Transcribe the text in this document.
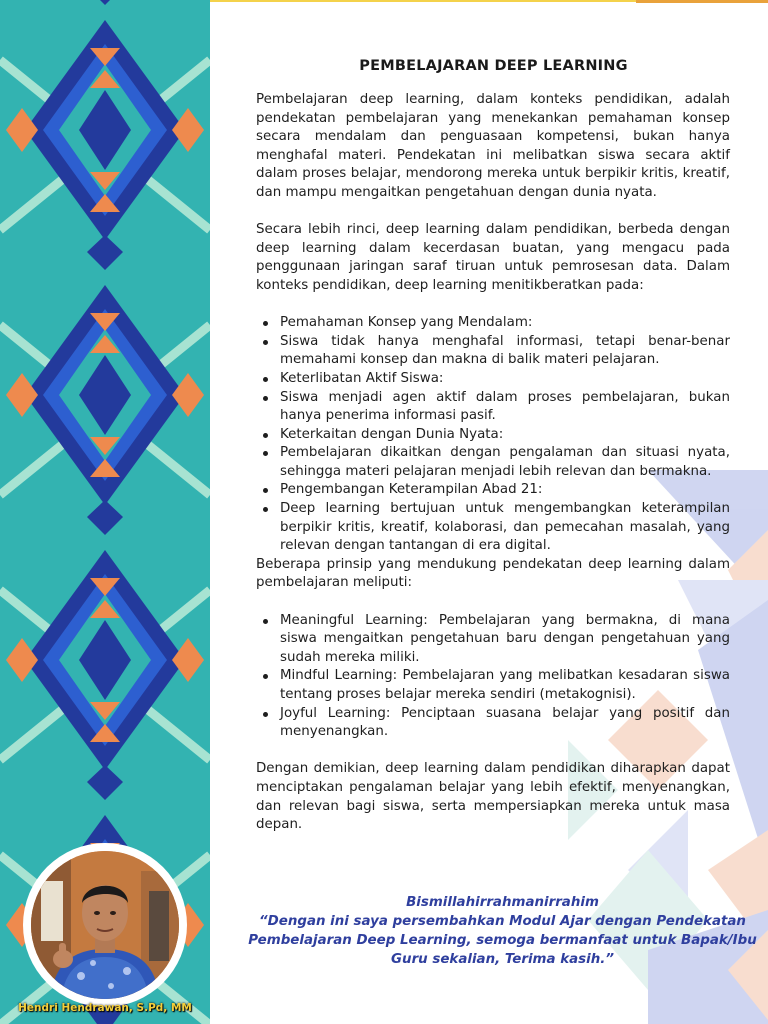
PEMBELAJARAN DEEP LEARNING

Pembelajaran deep learning, dalam konteks pendidikan, adalah pendekatan pembelajaran yang menekankan pemahaman konsep secara mendalam dan penguasaan kompetensi, bukan hanya menghafal materi. Pendekatan ini melibatkan siswa secara aktif dalam proses belajar, mendorong mereka untuk berpikir kritis, kreatif, dan mampu mengaitkan pengetahuan dengan dunia nyata.

Secara lebih rinci, deep learning dalam pendidikan, berbeda dengan deep learning dalam kecerdasan buatan, yang mengacu pada penggunaan jaringan saraf tiruan untuk pemrosesan data. Dalam konteks pendidikan, deep learning menitikberatkan pada:

Pemahaman Konsep yang Mendalam:
Siswa tidak hanya menghafal informasi, tetapi benar-benar memahami konsep dan makna di balik materi pelajaran.
Keterlibatan Aktif Siswa:
Siswa menjadi agen aktif dalam proses pembelajaran, bukan hanya penerima informasi pasif.
Keterkaitan dengan Dunia Nyata:
Pembelajaran dikaitkan dengan pengalaman dan situasi nyata, sehingga materi pelajaran menjadi lebih relevan dan bermakna.
Pengembangan Keterampilan Abad 21:
Deep learning bertujuan untuk mengembangkan keterampilan berpikir kritis, kreatif, kolaborasi, dan pemecahan masalah, yang relevan dengan tantangan di era digital.

Beberapa prinsip yang mendukung pendekatan deep learning dalam pembelajaran meliputi:

Meaningful Learning: Pembelajaran yang bermakna, di mana siswa mengaitkan pengetahuan baru dengan pengetahuan yang sudah mereka miliki.
Mindful Learning: Pembelajaran yang melibatkan kesadaran siswa tentang proses belajar mereka sendiri (metakognisi).
Joyful Learning: Penciptaan suasana belajar yang positif dan menyenangkan.

Dengan demikian, deep learning dalam pendidikan diharapkan dapat menciptakan pengalaman belajar yang lebih efektif, menyenangkan, dan relevan bagi siswa, serta mempersiapkan mereka untuk masa depan.

Bismillahirrahmanirrahim
“Dengan ini saya persembahkan Modul Ajar dengan Pendekatan Pembelajaran Deep Learning, semoga bermanfaat untuk Bapak/Ibu Guru sekalian, Terima kasih.”
Hendri Hendrawan, S.Pd, MM
